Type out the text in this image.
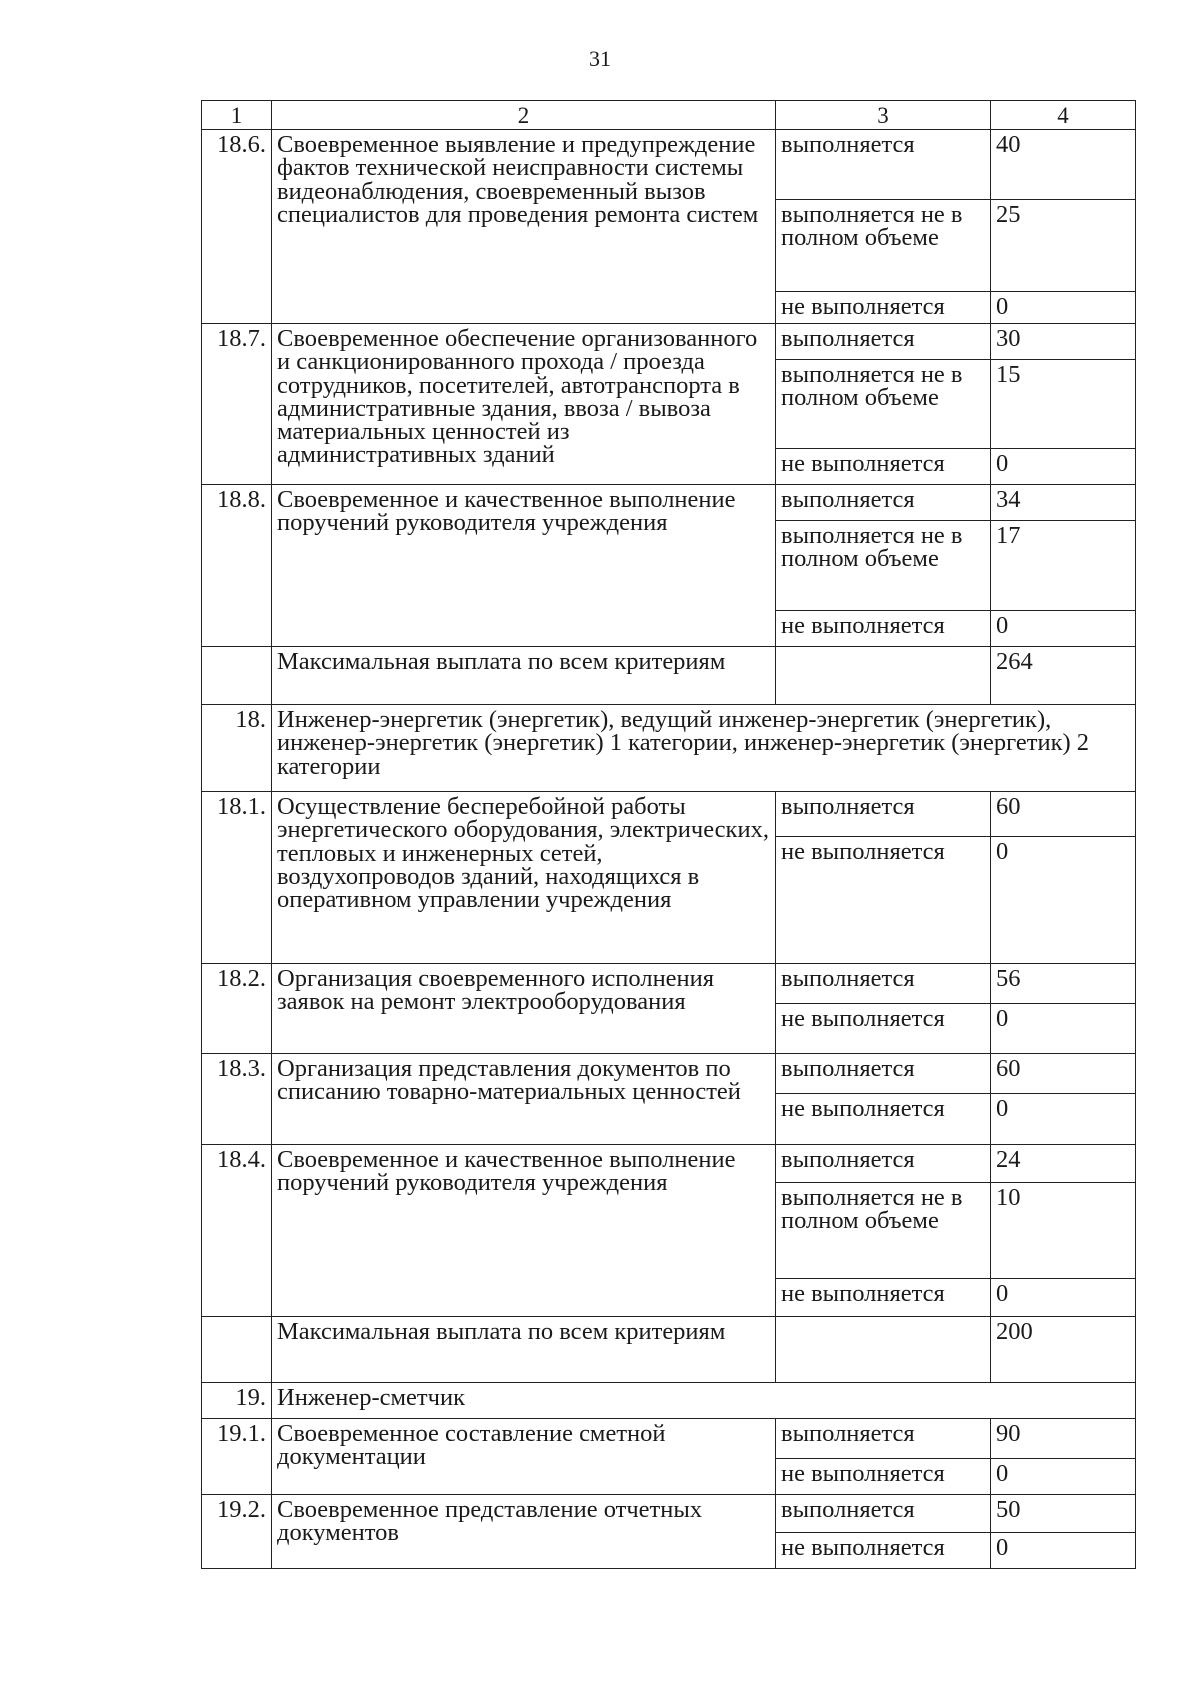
31
1	2	3	4
18.6.	Своевременное выявление и предупреждение фактов технической неисправности системы видеонаблюдения, своевременный вызов специалистов для проведения ремонта систем	выполняется	40
		выполняется не в полном объеме	25
		не выполняется	0
18.7.	Своевременное обеспечение организованного и санкционированного прохода / проезда сотрудников, посетителей, автотранспорта в административные здания, ввоза / вывоза материальных ценностей из административных зданий	выполняется	30
		выполняется не в полном объеме	15
		не выполняется	0
18.8.	Своевременное и качественное выполнение поручений руководителя учреждения	выполняется	34
		выполняется не в полном объеме	17
		не выполняется	0
	Максимальная выплата по всем критериям		264
18.	Инженер-энергетик (энергетик), ведущий инженер-энергетик (энергетик), инженер-энергетик (энергетик) 1 категории, инженер-энергетик (энергетик) 2 категории		
18.1.	Осуществление бесперебойной работы энергетического оборудования, электрических, тепловых и инженерных сетей, воздухопроводов зданий, находящихся в оперативном управлении учреждения	выполняется	60
		не выполняется	0
18.2.	Организация своевременного исполнения заявок на ремонт электрооборудования	выполняется	56
		не выполняется	0
18.3.	Организация представления документов по списанию товарно-материальных ценностей	выполняется	60
		не выполняется	0
18.4.	Своевременное и качественное выполнение поручений руководителя учреждения	выполняется	24
		выполняется не в полном объеме	10
		не выполняется	0
	Максимальная выплата по всем критериям		200
19.	Инженер-сметчик		
19.1.	Своевременное составление сметной документации	выполняется	90
		не выполняется	0
19.2.	Своевременное представление отчетных документов	выполняется	50
		не выполняется	0
